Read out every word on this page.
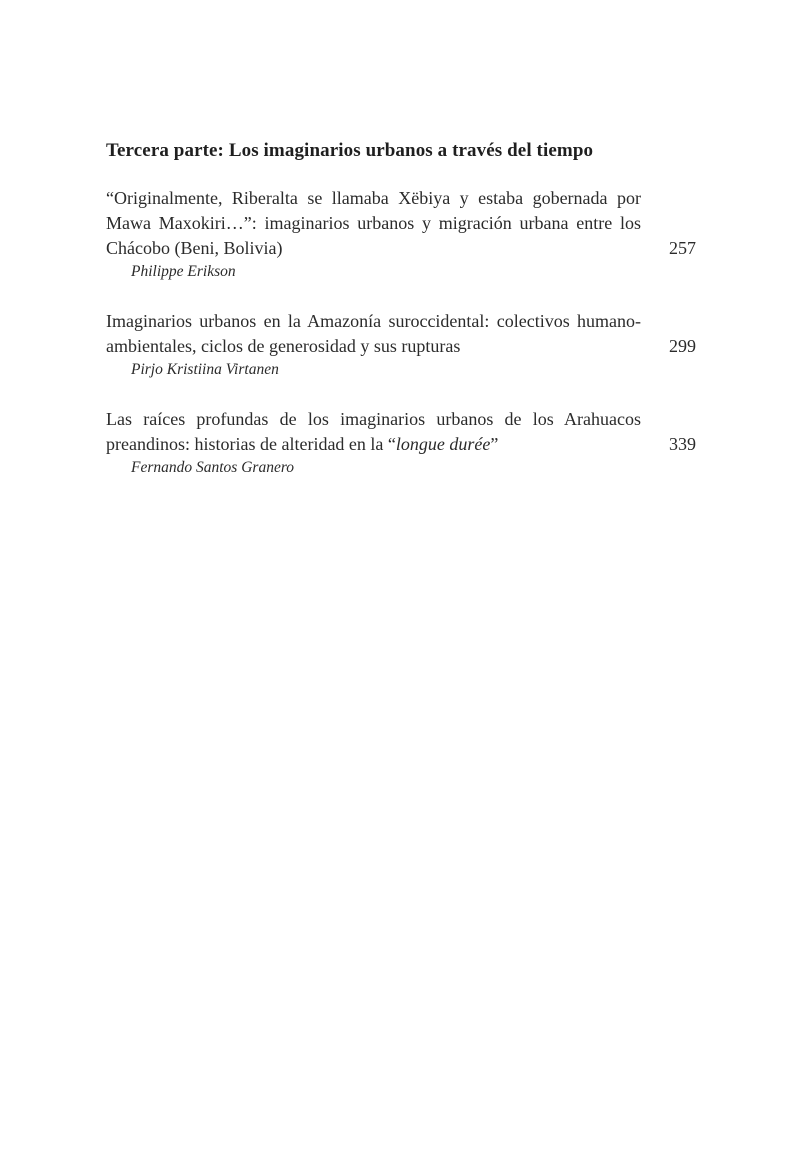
Tercera parte: Los imaginarios urbanos a través del tiempo
“Originalmente, Riberalta se llamaba Xëbiya y estaba gobernada por Mawa Maxokiri…”: imaginarios urbanos y migración urbana entre los Chácobo (Beni, Bolivia)	257
Philippe Erikson
Imaginarios urbanos en la Amazonía suroccidental: colectivos humano-ambientales, ciclos de generosidad y sus rupturas	299
Pirjo Kristiina Virtanen
Las raíces profundas de los imaginarios urbanos de los Arahuacos preandinos: historias de alteridad en la “longue durée”	339
Fernando Santos Granero
